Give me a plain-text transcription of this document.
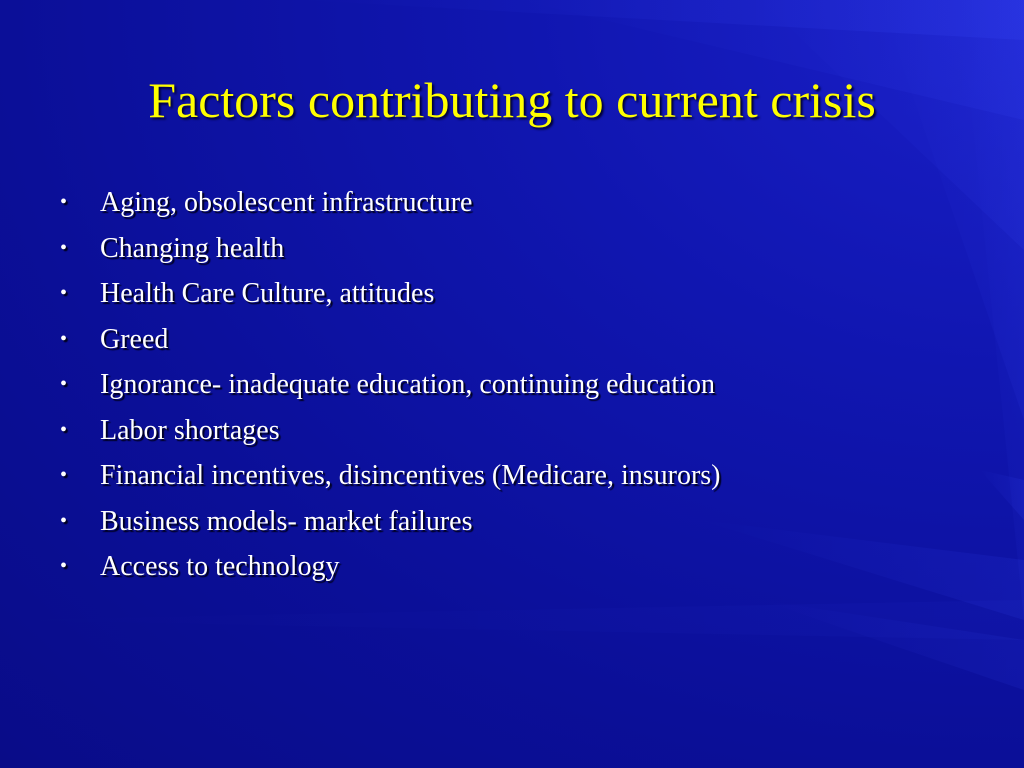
Factors contributing to current crisis
• Aging, obsolescent infrastructure
• Changing health
• Health Care Culture, attitudes
• Greed
• Ignorance- inadequate education, continuing education
• Labor shortages
• Financial incentives, disincentives (Medicare, insurors)
• Business models- market failures
• Access to technology
